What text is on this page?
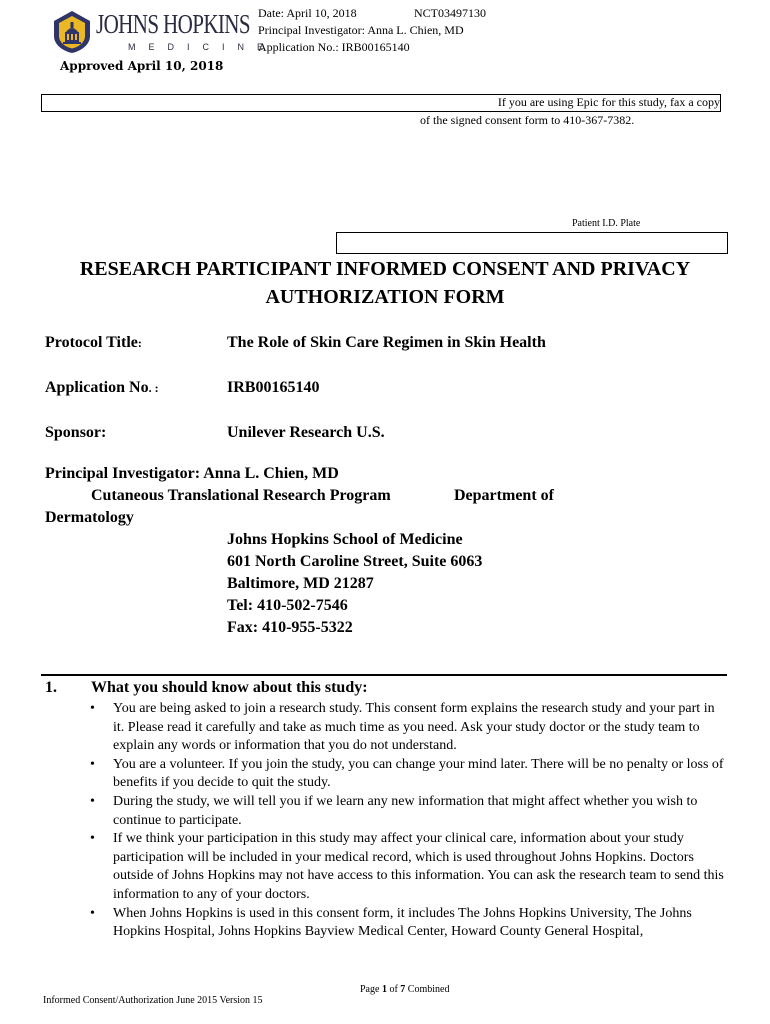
JOHNS HOPKINS
MEDICINE
Approved April 10, 2018
Date: April 10, 2018	NCT03497130
Principal Investigator: Anna L. Chien, MD
Application No.: IRB00165140
If you are using Epic for this study, fax a copy
of the signed consent form to 410-367-7382.
Patient I.D. Plate
RESEARCH PARTICIPANT INFORMED CONSENT AND PRIVACY AUTHORIZATION FORM
Protocol Title:	The Role of Skin Care Regimen in Skin Health
Application No. :	IRB00165140
Sponsor:	Unilever Research U.S.
Principal Investigator: Anna L. Chien, MD
Cutaneous Translational Research Program	Department of
Dermatology
Johns Hopkins School of Medicine
601 North Caroline Street, Suite 6063
Baltimore, MD 21287
Tel: 410-502-7546
Fax: 410-955-5322
1. What you should know about this study:
• You are being asked to join a research study. This consent form explains the research study and your part in it. Please read it carefully and take as much time as you need. Ask your study doctor or the study team to explain any words or information that you do not understand.
• You are a volunteer. If you join the study, you can change your mind later. There will be no penalty or loss of benefits if you decide to quit the study.
• During the study, we will tell you if we learn any new information that might affect whether you wish to continue to participate.
• If we think your participation in this study may affect your clinical care, information about your study participation will be included in your medical record, which is used throughout Johns Hopkins. Doctors outside of Johns Hopkins may not have access to this information. You can ask the research team to send this information to any of your doctors.
• When Johns Hopkins is used in this consent form, it includes The Johns Hopkins University, The Johns Hopkins Hospital, Johns Hopkins Bayview Medical Center, Howard County General Hospital,
Page 1 of 7 Combined
Informed Consent/Authorization June 2015 Version 15
